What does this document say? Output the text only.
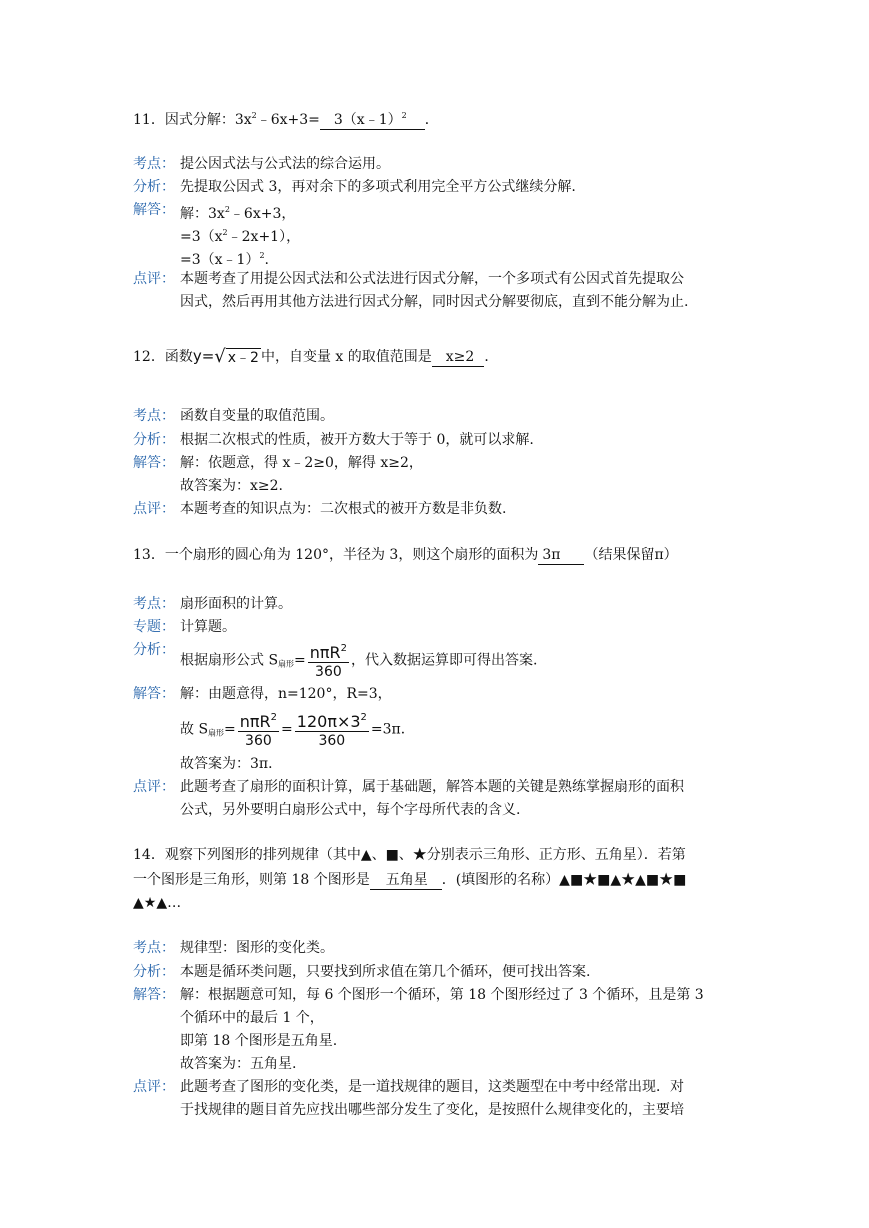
11．因式分解：$3x^2﹣6x+3=$ 3（x﹣1）$^2$ ．
考点： 提公因式法与公式法的综合运用。
分析： 先提取公因式 3，再对余下的多项式利用完全平方公式继续分解.
解答： 解：$3x^2﹣6x+3$，
$=3(x^2﹣2x+1)$，
=3（x﹣1）$^2$.
点评： 本题考查了用提公因式法和公式法进行因式分解，一个多项式有公因式首先提取公
因式，然后再用其他方法进行因式分解，同时因式分解要彻底，直到不能分解为止.
12．函数y= √ x﹣2 中，自变量 x 的取值范围是 x≥2 ．
考点： 函数自变量的取值范围。
分析： 根据二次根式的性质，被开方数大于等于 0，就可以求解.
解答： 解：依题意，得 x﹣2≥0，解得 x≥2，
故答案为：x≥2.
点评： 本题考查的知识点为：二次根式的被开方数是非负数.
13．一个扇形的圆心角为 120°，半径为 3，则这个扇形的面积为 3π （结果保留π）
考点： 扇形面积的计算。
专题： 计算题。
分析：
根据扇形公式 $S_{扇形}= \frac{n\pi R^2}{360}$ ，代入数据运算即可得出答案.
解答： 解：由题意得，n=120°，R=3，
故 $S_{扇形}= \frac{n\pi R^2}{360} = \frac{120\pi\times 3^2}{360} =3\pi$．
故答案为：3π．
点评： 此题考查了扇形的面积计算，属于基础题，解答本题的关键是熟练掌握扇形的面积
公式，另外要明白扇形公式中，每个字母所代表的含义.
14．观察下列图形的排列规律（其中▲、■、★分别表示三角形、正方形、五角星）．若第
一个图形是三角形，则第 18 个图形是 五角星 ．(填图形的名称）▲■★■▲★▲■★■
▲★▲…
考点： 规律型：图形的变化类。
分析： 本题是循环类问题，只要找到所求值在第几个循环，便可找出答案.
解答： 解：根据题意可知，每 6 个图形一个循环，第 18 个图形经过了 3 个循环，且是第 3
个循环中的最后 1 个，
即第 18 个图形是五角星.
故答案为：五角星.
点评： 此题考查了图形的变化类，是一道找规律的题目，这类题型在中考中经常出现．对
于找规律的题目首先应找出哪些部分发生了变化，是按照什么规律变化的，主要培
